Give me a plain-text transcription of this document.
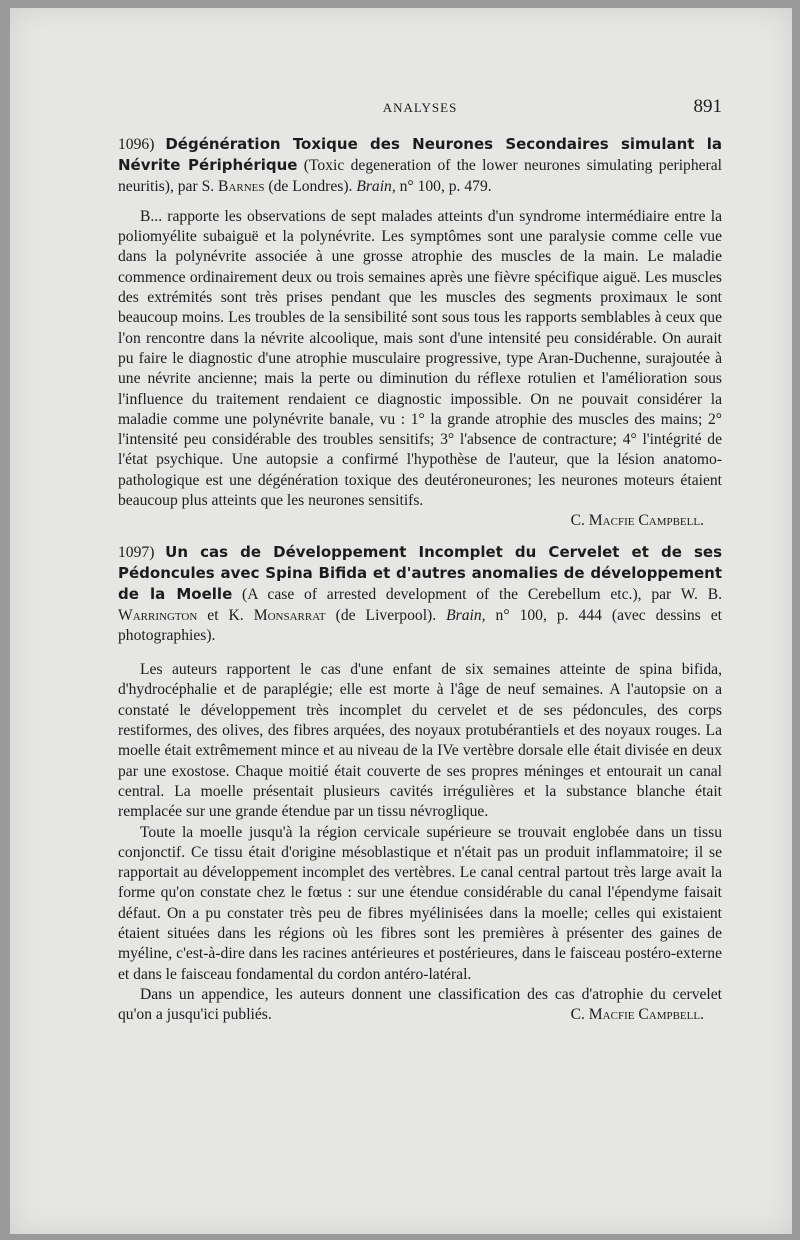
ANALYSES	891

1096) Dégénération Toxique des Neurones Secondaires simulant la Névrite Périphérique (Toxic degeneration of the lower neurones simulating peripheral neuritis), par S. Barnes (de Londres). Brain, n° 100, p. 479.

B... rapporte les observations de sept malades atteints d'un syndrome intermédiaire entre la poliomyélite subaiguë et la polynévrite. Les symptômes sont une paralysie comme celle vue dans la polynévrite associée à une grosse atrophie des muscles de la main. Le maladie commence ordinairement deux ou trois semaines après une fièvre spécifique aiguë. Les muscles des extrémités sont très prises pendant que les muscles des segments proximaux le sont beaucoup moins. Les troubles de la sensibilité sont sous tous les rapports semblables à ceux que l'on rencontre dans la névrite alcoolique, mais sont d'une intensité peu considérable. On aurait pu faire le diagnostic d'une atrophie musculaire progressive, type Aran-Duchenne, surajoutée à une névrite ancienne; mais la perte ou diminution du réflexe rotulien et l'amélioration sous l'influence du traitement rendaient ce diagnostic impossible. On ne pouvait considérer la maladie comme une polynévrite banale, vu : 1° la grande atrophie des muscles des mains; 2° l'intensité peu considérable des troubles sensitifs; 3° l'absence de contracture; 4° l'intégrité de l'état psychique. Une autopsie a confirmé l'hypothèse de l'auteur, que la lésion anatomo-pathologique est une dégénération toxique des deutéroneurones; les neurones moteurs étaient beaucoup plus atteints que les neurones sensitifs.

C. Macfie Campbell.

1097) Un cas de Développement Incomplet du Cervelet et de ses Pédoncules avec Spina Bifida et d'autres anomalies de développement de la Moelle (A case of arrested development of the Cerebellum etc.), par W. B. Warrington et K. Monsarrat (de Liverpool). Brain, n° 100, p. 444 (avec dessins et photographies).

Les auteurs rapportent le cas d'une enfant de six semaines atteinte de spina bifida, d'hydrocéphalie et de paraplégie; elle est morte à l'âge de neuf semaines. A l'autopsie on a constaté le développement très incomplet du cervelet et de ses pédoncules, des corps restiformes, des olives, des fibres arquées, des noyaux protubérantiels et des noyaux rouges. La moelle était extrêmement mince et au niveau de la IVe vertèbre dorsale elle était divisée en deux par une exostose. Chaque moitié était couverte de ses propres méninges et entourait un canal central. La moelle présentait plusieurs cavités irrégulières et la substance blanche était remplacée sur une grande étendue par un tissu névroglique.

Toute la moelle jusqu'à la région cervicale supérieure se trouvait englobée dans un tissu conjonctif. Ce tissu était d'origine mésoblastique et n'était pas un produit inflammatoire; il se rapportait au développement incomplet des vertèbres. Le canal central partout très large avait la forme qu'on constate chez le fœtus : sur une étendue considérable du canal l'épendyme faisait défaut. On a pu constater très peu de fibres myélinisées dans la moelle; celles qui existaient étaient situées dans les régions où les fibres sont les premières à présenter des gaines de myéline, c'est-à-dire dans les racines antérieures et postérieures, dans le faisceau postéro-externe et dans le faisceau fondamental du cordon antéro-latéral.

Dans un appendice, les auteurs donnent une classification des cas d'atrophie du cervelet qu'on a jusqu'ici publiés.	C. Macfie Campbell.
